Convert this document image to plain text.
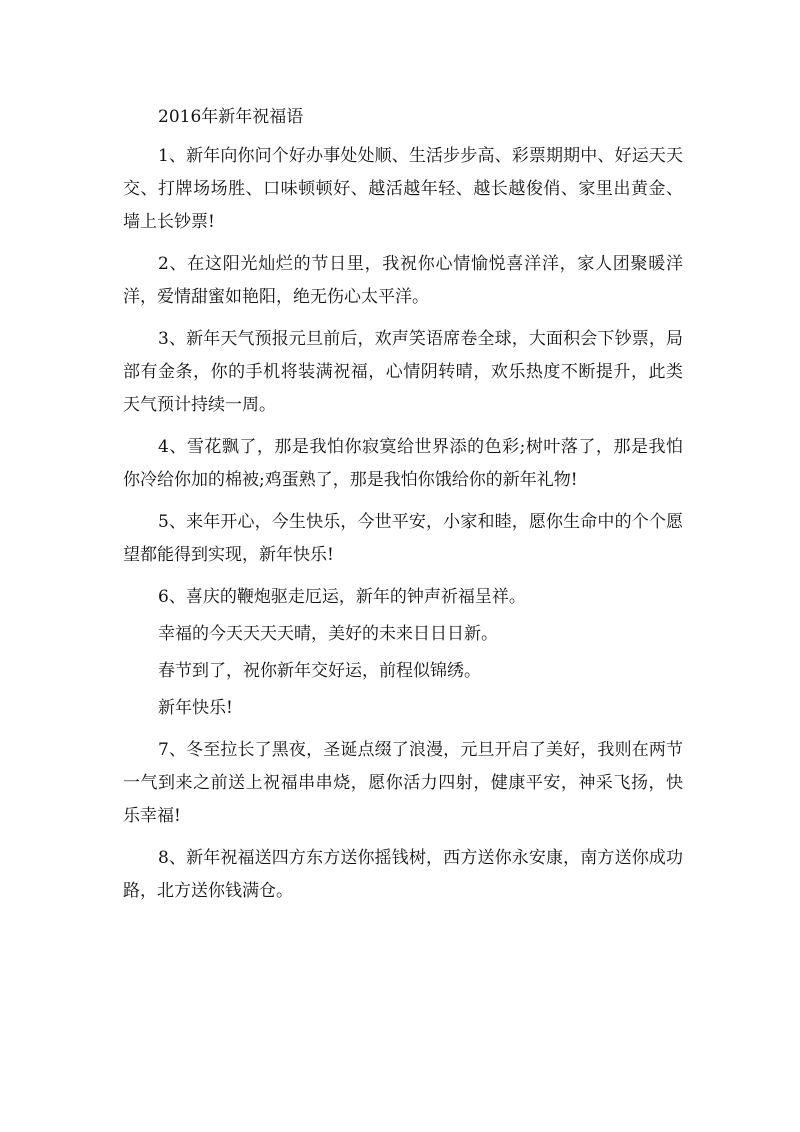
2016年新年祝福语

1、新年向你问个好办事处处顺、生活步步高、彩票期期中、好运天天交、打牌场场胜、口味顿顿好、越活越年轻、越长越俊俏、家里出黄金、墙上长钞票!

2、在这阳光灿烂的节日里，我祝你心情愉悦喜洋洋，家人团聚暖洋洋，爱情甜蜜如艳阳，绝无伤心太平洋。

3、新年天气预报元旦前后，欢声笑语席卷全球，大面积会下钞票，局部有金条，你的手机将装满祝福，心情阴转晴，欢乐热度不断提升，此类天气预计持续一周。

4、雪花飘了，那是我怕你寂寞给世界添的色彩;树叶落了，那是我怕你冷给你加的棉被;鸡蛋熟了，那是我怕你饿给你的新年礼物!

5、来年开心，今生快乐，今世平安，小家和睦，愿你生命中的个个愿望都能得到实现，新年快乐!

6、喜庆的鞭炮驱走厄运，新年的钟声祈福呈祥。

幸福的今天天天天晴，美好的未来日日日新。

春节到了，祝你新年交好运，前程似锦绣。

新年快乐!

7、冬至拉长了黑夜，圣诞点缀了浪漫，元旦开启了美好，我则在两节一气到来之前送上祝福串串烧，愿你活力四射，健康平安，神采飞扬，快乐幸福!

8、新年祝福送四方东方送你摇钱树，西方送你永安康，南方送你成功路，北方送你钱满仓。
